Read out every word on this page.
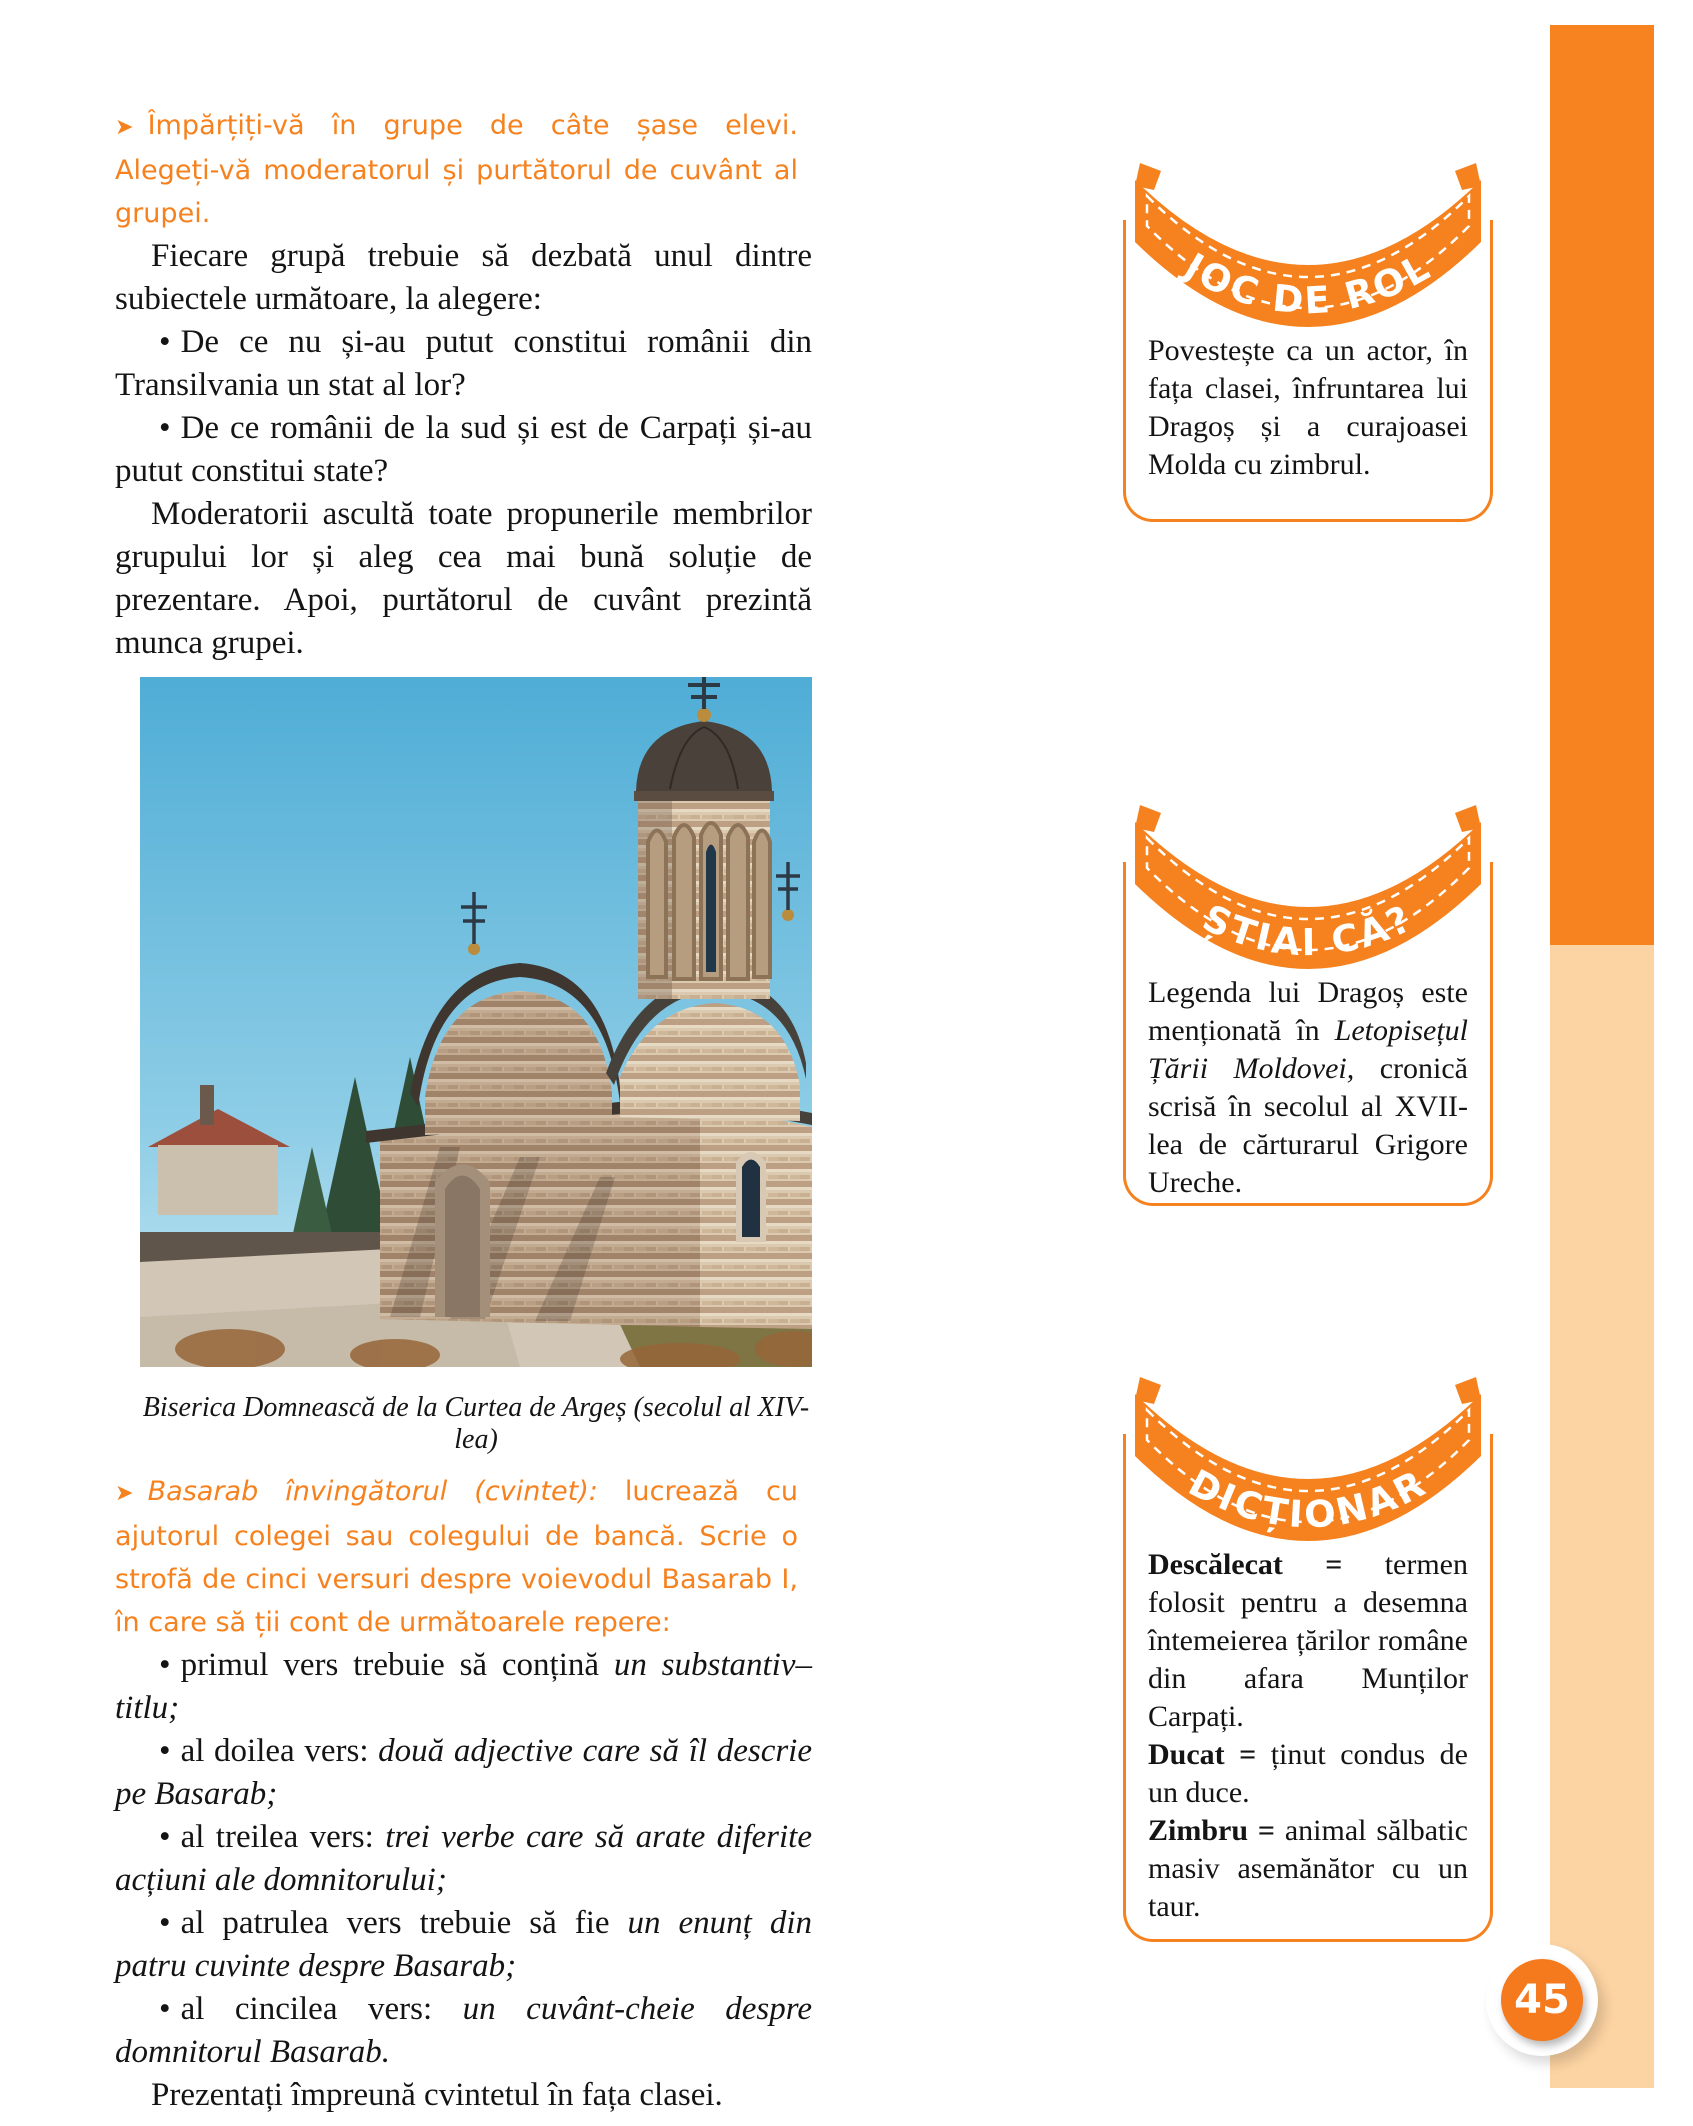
45
➤ Împărțiți-vă în grupe de câte șase elevi. Alegeți-vă moderatorul și purtătorul de cuvânt al grupei.
Fiecare grupă trebuie să dezbată unul dintre subiectele următoare, la alegere:
• De ce nu și-au putut constitui românii din Transilvania un stat al lor?
• De ce românii de la sud și est de Carpați și-au putut constitui state?
Moderatorii ascultă toate propunerile membrilor grupului lor și aleg cea mai bună soluție de prezentare. Apoi, purtătorul de cuvânt prezintă munca grupei.
Biserica Domnească de la Curtea de Argeș (secolul al XIV-lea)
➤ Basarab învingătorul (cvintet): lucrează cu ajutorul colegei sau colegului de bancă. Scrie o strofă de cinci versuri despre voievodul Basarab I, în care să ții cont de următoarele repere:
• primul vers trebuie să conțină un substantiv–titlu;
• al doilea vers: două adjective care să îl descrie pe Basarab;
• al treilea vers: trei verbe care să arate diferite acțiuni ale domnitorului;
• al patrulea vers trebuie să fie un enunț din patru cuvinte despre Basarab;
• al cincilea vers: un cuvânt-cheie despre domnitorul Basarab.
Prezentați împreună cvintetul în fața clasei.
JOC DE ROL
Povestește ca un actor, în fața clasei, înfruntarea lui Dragoș și a curajoasei Molda cu zimbrul.
ȘTIAI CĂ?
Legenda lui Dragoș este menționată în Letopisețul Țării Moldovei, cronică scrisă în secolul al XVII-lea de cărturarul Grigore Ureche.
DICȚIONAR
Descălecat = termen folosit pentru a desemna întemeierea țărilor române din afara Munților Carpați.
Ducat = ținut condus de un duce.
Zimbru = animal sălbatic masiv asemănător cu un taur.
